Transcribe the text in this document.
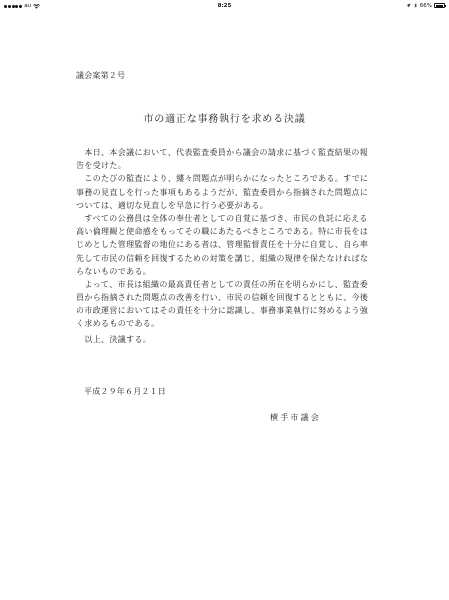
au	8:25	66%
議会案第２号
市の適正な事務執行を求める決議
　本日、本会議において、代表監査委員から議会の請求に基づく監査結果の報
告を受けた。
　このたびの監査により、縷々問題点が明らかになったところである。すでに
事務の見直しを行った事項もあるようだが、監査委員から指摘された問題点に
ついては、適切な見直しを早急に行う必要がある。
　すべての公務員は全体の奉仕者としての自覚に基づき、市民の負託に応える
高い倫理観と使命感をもってその職にあたるべきところである。特に市長をは
じめとした管理監督の地位にある者は、管理監督責任を十分に自覚し、自ら率
先して市民の信頼を回復するための対策を講じ、組織の規律を保たなければな
らないものである。
　よって、市長は組織の最高責任者としての責任の所在を明らかにし、監査委
員から指摘された問題点の改善を行い、市民の信頼を回復するとともに、今後
の市政運営においてはその責任を十分に認識し、事務事業執行に努めるよう強
く求めるものである。
　以上、決議する。
平成２９年６月２１日
横手市議会
